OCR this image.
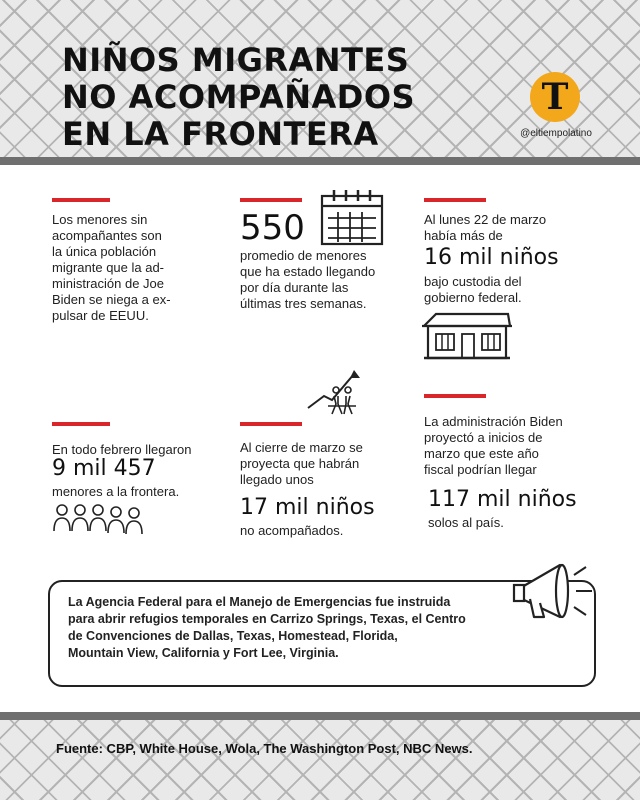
NIÑOS MIGRANTES
NO ACOMPAÑADOS
EN LA FRONTERA
T
@eltiempolatino
Los menores sin
acompañantes son
la única población
migrante que la ad-
ministración de Joe
Biden se niega a ex-
pulsar de EEUU.
550
promedio de menores
que ha estado llegando
por día durante las
últimas tres semanas.
Al lunes 22 de marzo
había más de
16 mil niños
bajo custodia del
gobierno federal.
En todo febrero llegaron
9 mil 457
menores a la frontera.
Al cierre de marzo se
proyecta que habrán
llegado unos
17 mil niños
no acompañados.
La administración Biden
proyectó a inicios de
marzo que este año
fiscal podrían llegar
117 mil niños
solos al país.
La Agencia Federal para el Manejo de Emergencias fue instruida
para abrir refugios temporales en Carrizo Springs, Texas, el Centro
de Convenciones de Dallas, Texas, Homestead, Florida,
Mountain View, California y Fort Lee, Virginia.
Fuente: CBP, White House, Wola, The Washington Post, NBC News.
